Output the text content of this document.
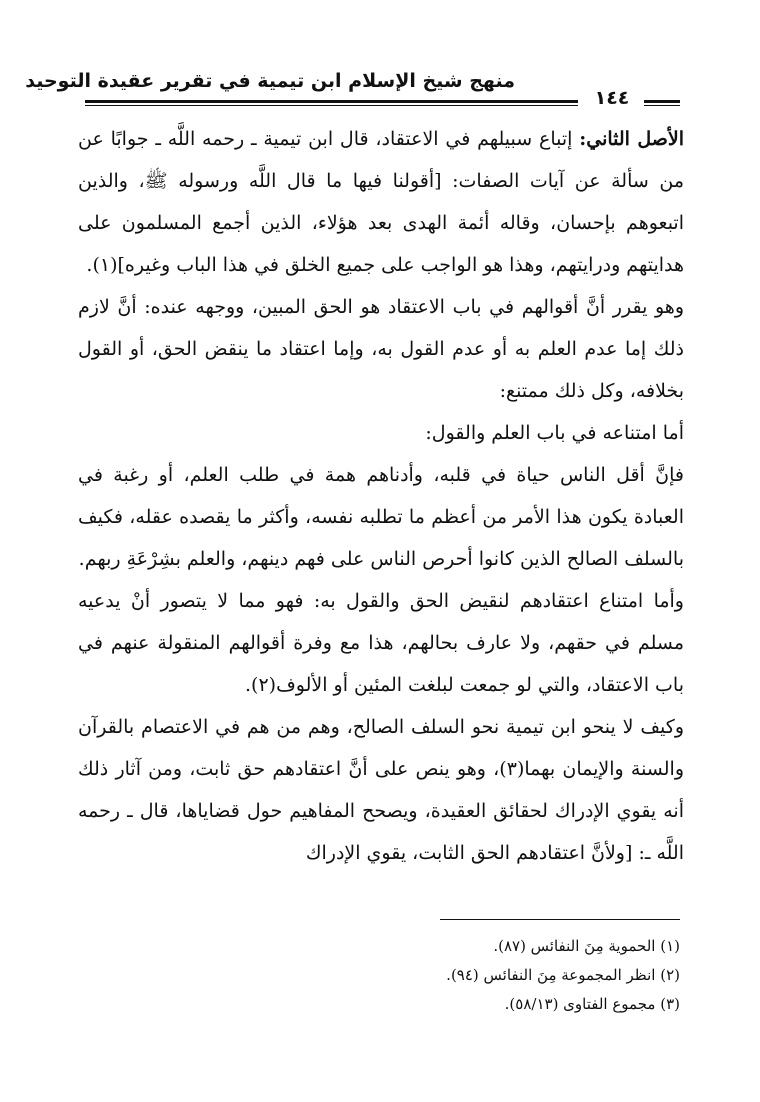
منهج شيخ الإسلام ابن تيمية في تقرير عقيدة التوحيد
١٤٤

الأصل الثاني: إتباع سبيلهم في الاعتقاد، قال ابن تيمية ـ رحمه اللَّه ـ جوابًا عن من سألة عن آيات الصفات: [أقولنا فيها ما قال اللَّه ورسوله ﷺ، والذين اتبعوهم بإحسان، وقاله أئمة الهدى بعد هؤلاء، الذين أجمع المسلمون على هدايتهم ودرايتهم، وهذا هو الواجب على جميع الخلق في هذا الباب وغيره](١).

وهو يقرر أنَّ أقوالهم في باب الاعتقاد هو الحق المبين، ووجهه عنده: أنَّ لازم ذلك إما عدم العلم به أو عدم القول به، وإما اعتقاد ما ينقض الحق، أو القول بخلافه، وكل ذلك ممتنع:

أما امتناعه في باب العلم والقول:

فإنَّ أقل الناس حياة في قلبه، وأدناهم همة في طلب العلم، أو رغبة في العبادة يكون هذا الأمر من أعظم ما تطلبه نفسه، وأكثر ما يقصده عقله، فكيف بالسلف الصالح الذين كانوا أحرص الناس على فهم دينهم، والعلم بشِرْعَةِ ربهم.

وأما امتناع اعتقادهم لنقيض الحق والقول به: فهو مما لا يتصور أنْ يدعيه مسلم في حقهم، ولا عارف بحالهم، هذا مع وفرة أقوالهم المنقولة عنهم في باب الاعتقاد، والتي لو جمعت لبلغت المئين أو الألوف(٢).

وكيف لا ينحو ابن تيمية نحو السلف الصالح، وهم من هم في الاعتصام بالقرآن والسنة والإيمان بهما(٣)، وهو ينص على أنَّ اعتقادهم حق ثابت، ومن آثار ذلك أنه يقوي الإدراك لحقائق العقيدة، ويصحح المفاهيم حول قضاياها، قال ـ رحمه اللَّه ـ: [ولأنَّ اعتقادهم الحق الثابت، يقوي الإدراك

(١) الحموية مِنَ النفائس (٨٧).
(٢) انظر المجموعة مِنَ النفائس (٩٤).
(٣) مجموع الفتاوى (٥٨/١٣).
